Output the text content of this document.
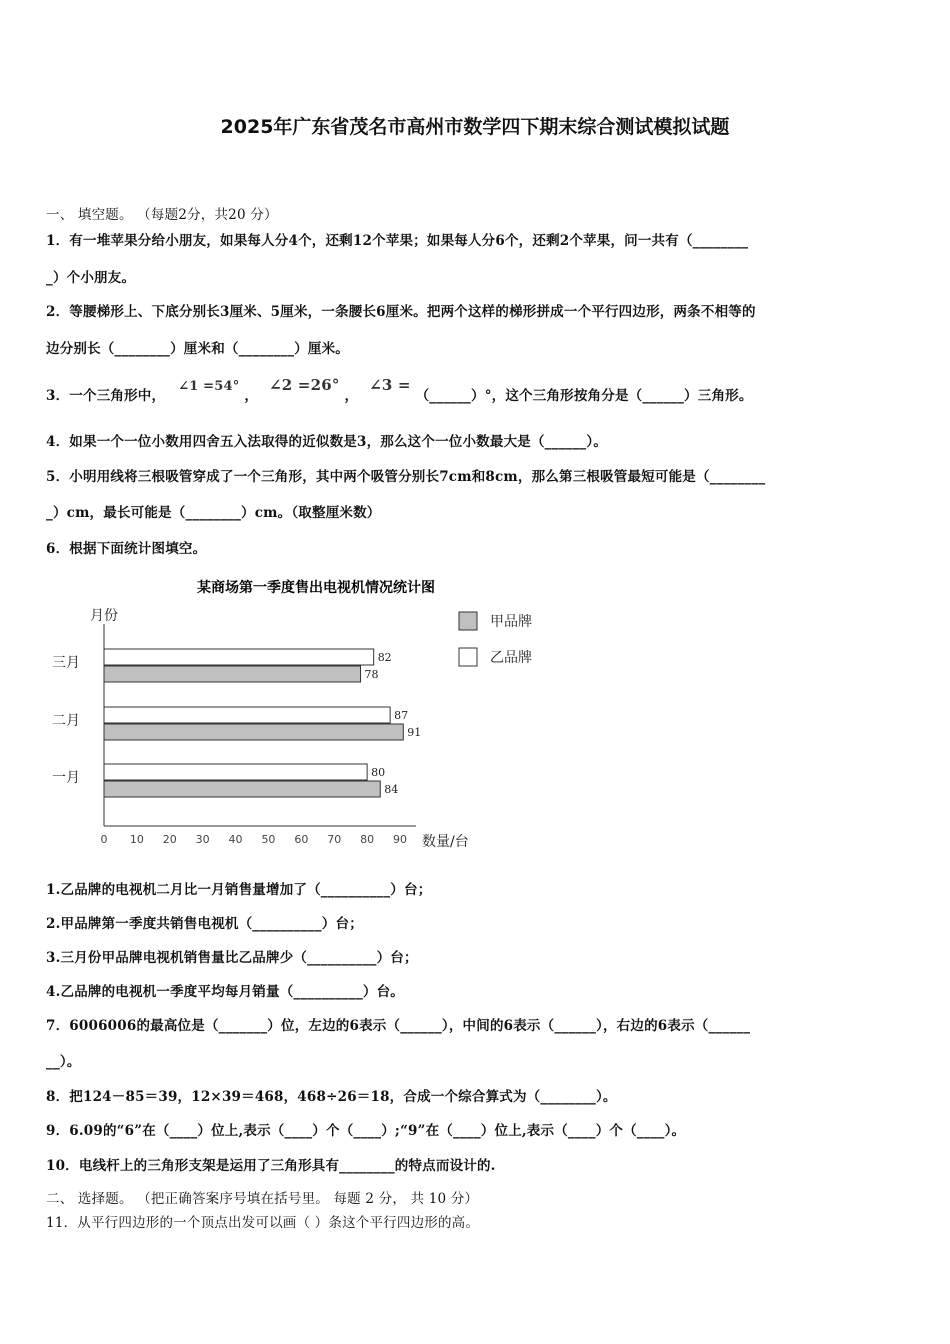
2025年广东省茂名市高州市数学四下期末综合测试模拟试题
一、 填空题。 （每题2分，共20 分）
1．有一堆苹果分给小朋友，如果每人分4个，还剩12个苹果；如果每人分6个，还剩2个苹果，问一共有（________
_）个小朋友。
2．等腰梯形上、下底分别长3厘米、5厘米，一条腰长6厘米。把两个这样的梯形拼成一个平行四边形，两条不相等的
边分别长（________）厘米和（________）厘米。
3．一个三角形中， ∠1 =54° ， ∠2 =26° ， ∠3 = （______）°，这个三角形按角分是（______）三角形。
4．如果一个一位小数用四舍五入法取得的近似数是3，那么这个一位小数最大是（______）。
5．小明用线将三根吸管穿成了一个三角形，其中两个吸管分别长7cm和8cm，那么第三根吸管最短可能是（________
_）cm，最长可能是（________）cm。（取整厘米数）
6．根据下面统计图填空。
某商场第一季度售出电视机情况统计图
月份
数量/台
三月	82
78
二月	87
91
一月	80
84
0 10 20 30 40 50 60 70 80 90
甲品牌
乙品牌
1.乙品牌的电视机二月比一月销售量增加了（__________）台；
2.甲品牌第一季度共销售电视机（__________）台；
3.三月份甲品牌电视机销售量比乙品牌少（__________）台；
4.乙品牌的电视机一季度平均每月销量（__________）台。
7．6006006的最高位是（_______）位，左边的6表示（______），中间的6表示（______），右边的6表示（______
__）。
8．把124－85＝39，12×39＝468，468÷26＝18，合成一个综合算式为（________）。
9．6.09的“6”在（____）位上,表示（____）个（____）;“9”在（____）位上,表示（____）个（____）。
10．电线杆上的三角形支架是运用了三角形具有________的特点而设计的.
二、 选择题。 （把正确答案序号填在括号里。 每题 2 分， 共 10 分）
11．从平行四边形的一个顶点出发可以画（ ）条这个平行四边形的高。
